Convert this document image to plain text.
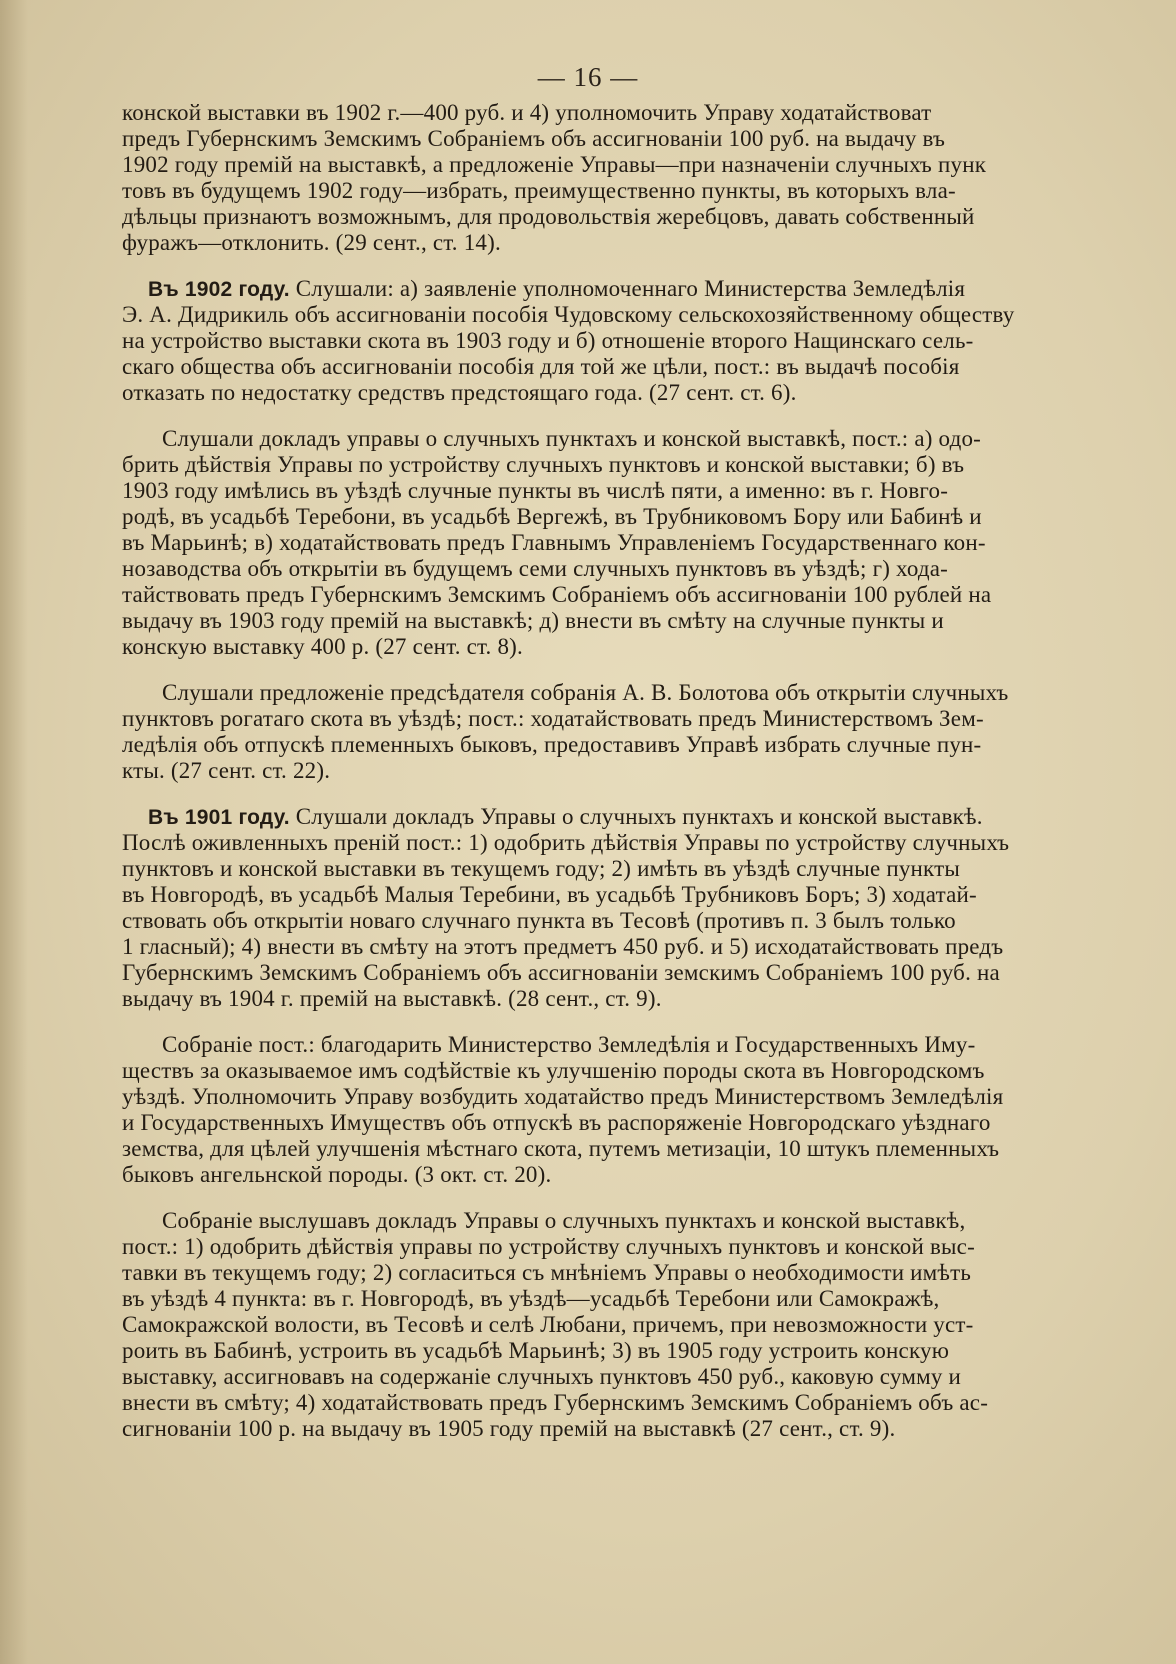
— 16 —
конской выставки въ 1902 г.—400 руб. и 4) уполномочить Управу ходатайствоват
предъ Губернскимъ Земскимъ Собраніемъ объ ассигнованіи 100 руб. на выдачу въ
1902 году премій на выставкѣ, а предложеніе Управы—при назначеніи случныхъ пунк
товъ въ будущемъ 1902 году—избрать, преимущественно пункты, въ которыхъ вла-
дѣльцы признаютъ возможнымъ, для продовольствія жеребцовъ, давать собственный
фуражъ—отклонить. (29 сент., ст. 14).
Въ 1902 году. Слушали: а) заявленіе уполномоченнаго Министерства Земледѣлія
Э. А. Дидрикиль объ ассигнованіи пособія Чудовскому сельскохозяйственному обществу
на устройство выставки скота въ 1903 году и б) отношеніе второго Нащинскаго сель-
скаго общества объ ассигнованіи пособія для той же цѣли, пост.: въ выдачѣ пособія
отказать по недостатку средствъ предстоящаго года. (27 сент. ст. 6).
Слушали докладъ управы о случныхъ пунктахъ и конской выставкѣ, пост.: а) одо-
брить дѣйствія Управы по устройству случныхъ пунктовъ и конской выставки; б) въ
1903 году имѣлись въ уѣздѣ случные пункты въ числѣ пяти, а именно: въ г. Новго-
родѣ, въ усадьбѣ Теребони, въ усадьбѣ Вергежѣ, въ Трубниковомъ Бору или Бабинѣ и
въ Марьинѣ; в) ходатайствовать предъ Главнымъ Управленіемъ Государственнаго кон-
нозаводства объ открытіи въ будущемъ семи случныхъ пунктовъ въ уѣздѣ; г) хода-
тайствовать предъ Губернскимъ Земскимъ Собраніемъ объ ассигнованіи 100 рублей на
выдачу въ 1903 году премій на выставкѣ; д) внести въ смѣту на случные пункты и
конскую выставку 400 р. (27 сент. ст. 8).
Слушали предложеніе предсѣдателя собранія А. В. Болотова объ открытіи случныхъ
пунктовъ рогатаго скота въ уѣздѣ; пост.: ходатайствовать предъ Министерствомъ Зем-
ледѣлія объ отпускѣ племенныхъ быковъ, предоставивъ Управѣ избрать случные пун-
кты. (27 сент. ст. 22).
Въ 1901 году. Слушали докладъ Управы о случныхъ пунктахъ и конской выставкѣ.
Послѣ оживленныхъ преній пост.: 1) одобрить дѣйствія Управы по устройству случныхъ
пунктовъ и конской выставки въ текущемъ году; 2) имѣть въ уѣздѣ случные пункты
въ Новгородѣ, въ усадьбѣ Малыя Теребини, въ усадьбѣ Трубниковъ Боръ; 3) ходатай-
ствовать объ открытіи новаго случнаго пункта въ Тесовѣ (противъ п. 3 былъ только
1 гласный); 4) внести въ смѣту на этотъ предметъ 450 руб. и 5) исходатайствовать предъ
Губернскимъ Земскимъ Собраніемъ объ ассигнованіи земскимъ Собраніемъ 100 руб. на
выдачу въ 1904 г. премій на выставкѣ. (28 сент., ст. 9).
Собраніе пост.: благодарить Министерство Земледѣлія и Государственныхъ Иму-
ществъ за оказываемое имъ содѣйствіе къ улучшенію породы скота въ Новгородскомъ
уѣздѣ. Уполномочить Управу возбудить ходатайство предъ Министерствомъ Земледѣлія
и Государственныхъ Имуществъ объ отпускѣ въ распоряженіе Новгородскаго уѣзднаго
земства, для цѣлей улучшенія мѣстнаго скота, путемъ метизаціи, 10 штукъ племенныхъ
быковъ ангельнской породы. (3 окт. ст. 20).
Собраніе выслушавъ докладъ Управы о случныхъ пунктахъ и конской выставкѣ,
пост.: 1) одобрить дѣйствія управы по устройству случныхъ пунктовъ и конской выс-
тавки въ текущемъ году; 2) согласиться съ мнѣніемъ Управы о необходимости имѣть
въ уѣздѣ 4 пункта: въ г. Новгородѣ, въ уѣздѣ—усадьбѣ Теребони или Самокражѣ,
Самокражской волости, въ Тесовѣ и селѣ Любани, причемъ, при невозможности уст-
роить въ Бабинѣ, устроить въ усадьбѣ Марьинѣ; 3) въ 1905 году устроить конскую
выставку, ассигновавъ на содержаніе случныхъ пунктовъ 450 руб., каковую сумму и
внести въ смѣту; 4) ходатайствовать предъ Губернскимъ Земскимъ Собраніемъ объ ас-
сигнованіи 100 р. на выдачу въ 1905 году премій на выставкѣ (27 сент., ст. 9).
